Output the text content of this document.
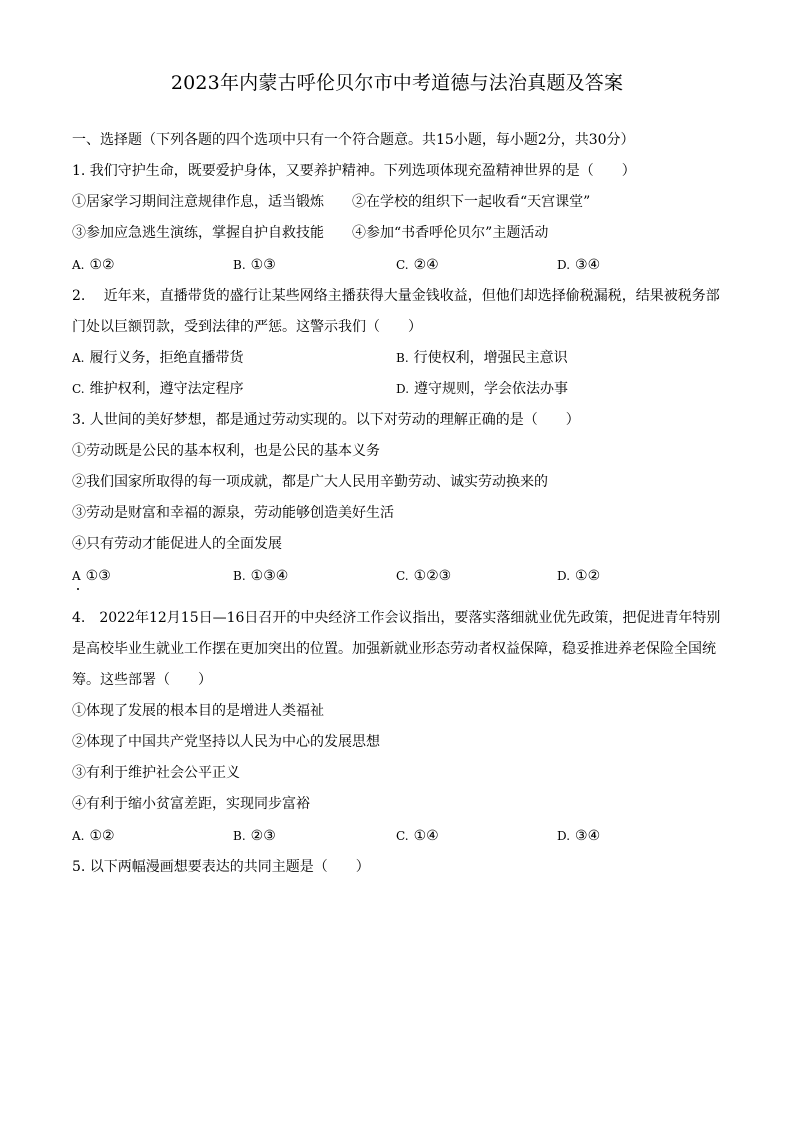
2023年内蒙古呼伦贝尔市中考道德与法治真题及答案
一、选择题（下列各题的四个选项中只有一个符合题意。共15小题，每小题2分，共30分）
1. 我们守护生命，既要爱护身体，又要养护精神。下列选项体现充盈精神世界的是（　　）
①居家学习期间注意规律作息，适当锻炼 ②在学校的组织下一起收看“天宫课堂”
③参加应急逃生演练，掌握自护自救技能 ④参加“书香呼伦贝尔”主题活动
A. ①②	B. ①③	C. ②④	D. ③④
2.　 近年来，直播带货的盛行让某些网络主播获得大量金钱收益，但他们却选择偷税漏税，结果被税务部
门处以巨额罚款，受到法律的严惩。这警示我们（　　）
A. 履行义务，拒绝直播带货	B. 行使权利，增强民主意识
C. 维护权利，遵守法定程序	D. 遵守规则，学会依法办事
3. 人世间的美好梦想，都是通过劳动实现的。以下对劳动的理解正确的是（　　）
①劳动既是公民的基本权利，也是公民的基本义务
②我们国家所取得的每一项成就，都是广大人民用辛勤劳动、诚实劳动换来的
③劳动是财富和幸福的源泉，劳动能够创造美好生活
④只有劳动才能促进人的全面发展
A ①③	B. ①③④	C. ①②③	D. ①②
4.　2022年12月15日—16日召开的中央经济工作会议指出，要落实落细就业优先政策，把促进青年特别
是高校毕业生就业工作摆在更加突出的位置。加强新就业形态劳动者权益保障，稳妥推进养老保险全国统
筹。这些部署（　　）
①体现了发展的根本目的是增进人类福祉
②体现了中国共产党坚持以人民为中心的发展思想
③有利于维护社会公平正义
④有利于缩小贫富差距，实现同步富裕
A. ①②	B. ②③	C. ①④	D. ③④
5. 以下两幅漫画想要表达的共同主题是（　　）
